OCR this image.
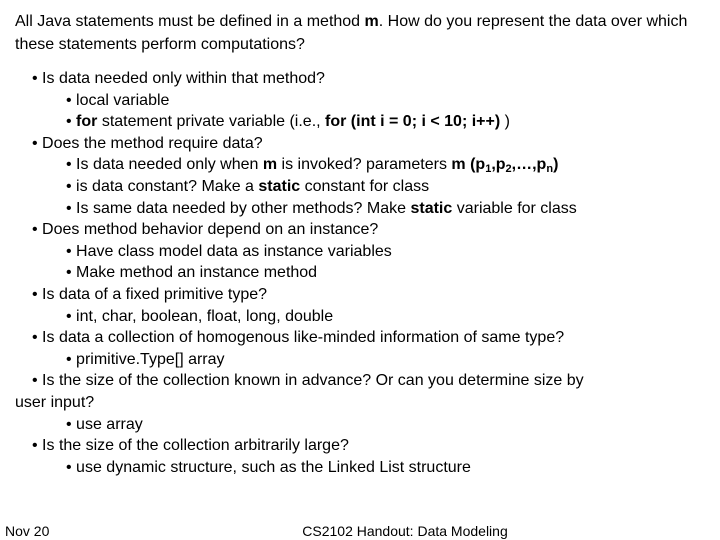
All Java statements must be defined in a method m. How do you represent the data over which these statements perform computations?

• Is data needed only within that method?
• local variable
• for statement private variable (i.e., for (int i = 0; i < 10; i++) )
• Does the method require data?
• Is data needed only when m is invoked? parameters m $(p_1,p_2,\dots,p_n)$
• is data constant? Make a static constant for class
• Is same data needed by other methods? Make static variable for class
• Does method behavior depend on an instance?
• Have class model data as instance variables
• Make method an instance method
• Is data of a fixed primitive type?
• int, char, boolean, float, long, double
• Is data a collection of homogenous like-minded information of same type?
• primitive.Type[] array
• Is the size of the collection known in advance? Or can you determine size by
user input?
• use array
• Is the size of the collection arbitrarily large?
• use dynamic structure, such as the Linked List structure
Nov 20	CS2102 Handout: Data Modeling
